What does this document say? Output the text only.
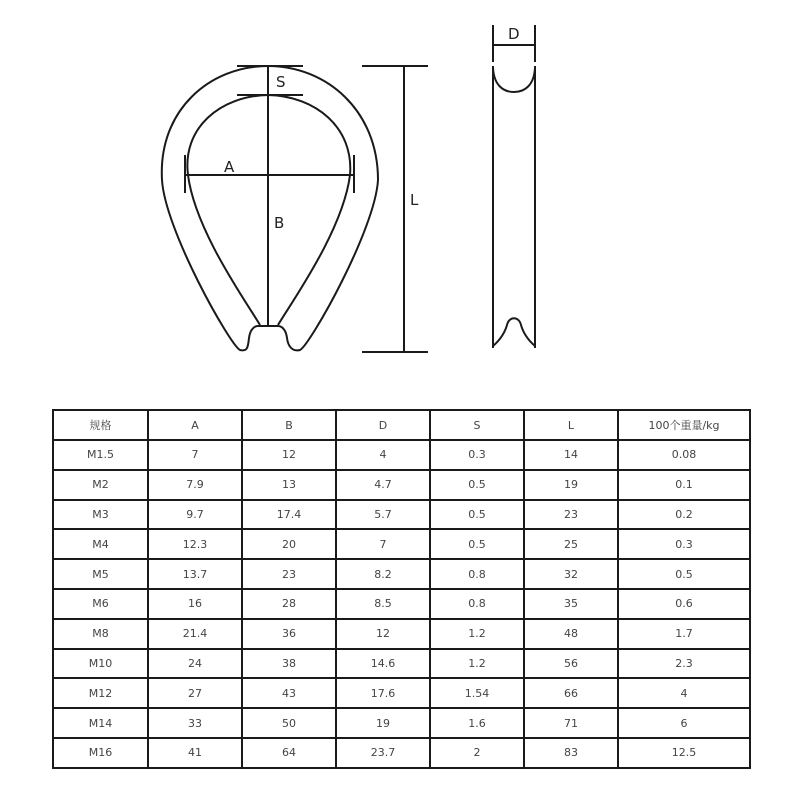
S
A
B
L
D
规格	A	B	D	S	L	100个重量/kg
M1.5	7	12	4	0.3	14	0.08
M2	7.9	13	4.7	0.5	19	0.1
M3	9.7	17.4	5.7	0.5	23	0.2
M4	12.3	20	7	0.5	25	0.3
M5	13.7	23	8.2	0.8	32	0.5
M6	16	28	8.5	0.8	35	0.6
M8	21.4	36	12	1.2	48	1.7
M10	24	38	14.6	1.2	56	2.3
M12	27	43	17.6	1.54	66	4
M14	33	50	19	1.6	71	6
M16	41	64	23.7	2	83	12.5
